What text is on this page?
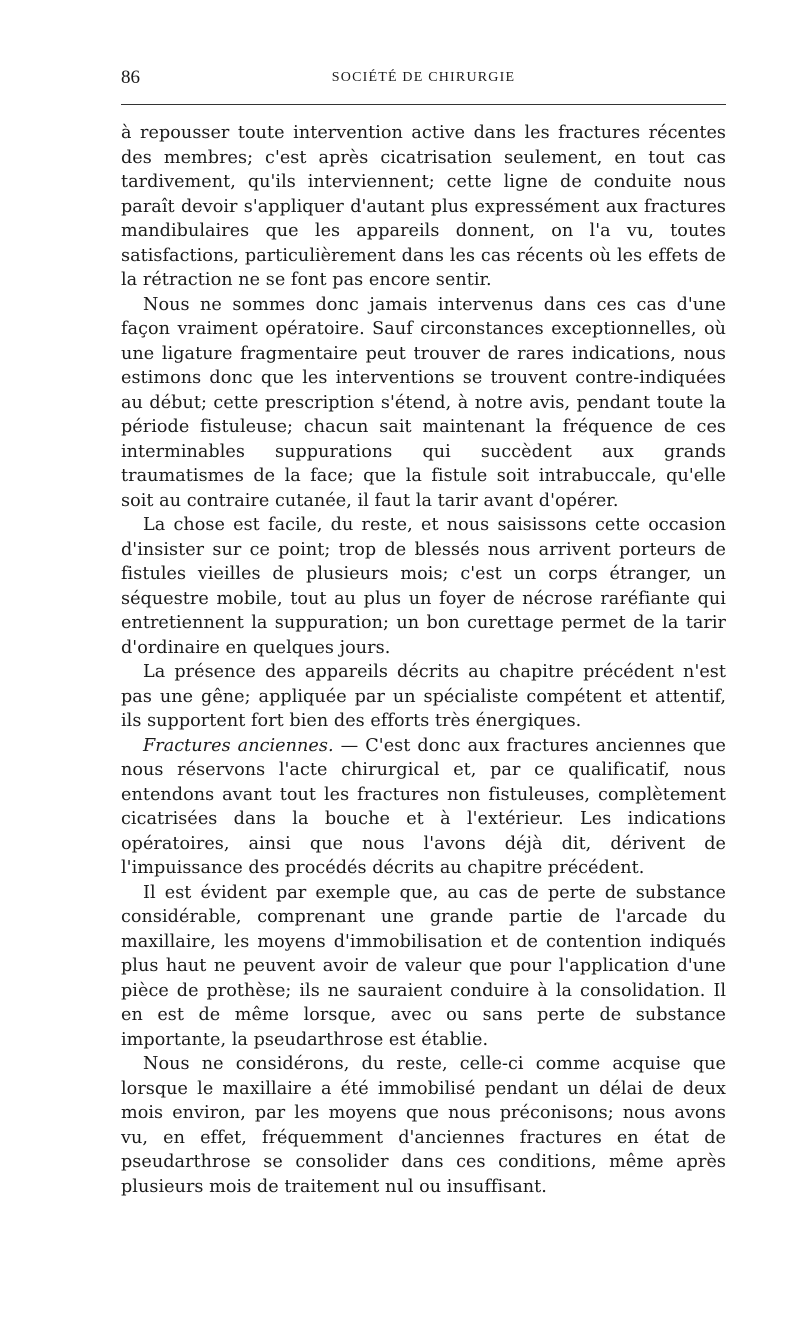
86	SOCIÉTÉ DE CHIRURGIE

à repousser toute intervention active dans les fractures récentes des membres; c'est après cicatrisation seulement, en tout cas tardivement, qu'ils interviennent; cette ligne de conduite nous paraît devoir s'appliquer d'autant plus expressément aux fractures mandibulaires que les appareils donnent, on l'a vu, toutes satisfactions, particulièrement dans les cas récents où les effets de la rétraction ne se font pas encore sentir.

Nous ne sommes donc jamais intervenus dans ces cas d'une façon vraiment opératoire. Sauf circonstances exceptionnelles, où une ligature fragmentaire peut trouver de rares indications, nous estimons donc que les interventions se trouvent contre-indiquées au début; cette prescription s'étend, à notre avis, pendant toute la période fistuleuse; chacun sait maintenant la fréquence de ces interminables suppurations qui succèdent aux grands traumatismes de la face; que la fistule soit intrabuccale, qu'elle soit au contraire cutanée, il faut la tarir avant d'opérer.

La chose est facile, du reste, et nous saisissons cette occasion d'insister sur ce point; trop de blessés nous arrivent porteurs de fistules vieilles de plusieurs mois; c'est un corps étranger, un séquestre mobile, tout au plus un foyer de nécrose raréfiante qui entretiennent la suppuration; un bon curettage permet de la tarir d'ordinaire en quelques jours.

La présence des appareils décrits au chapitre précédent n'est pas une gêne; appliquée par un spécialiste compétent et attentif, ils supportent fort bien des efforts très énergiques.

Fractures anciennes. — C'est donc aux fractures anciennes que nous réservons l'acte chirurgical et, par ce qualificatif, nous entendons avant tout les fractures non fistuleuses, complètement cicatrisées dans la bouche et à l'extérieur. Les indications opératoires, ainsi que nous l'avons déjà dit, dérivent de l'impuissance des procédés décrits au chapitre précédent.

Il est évident par exemple que, au cas de perte de substance considérable, comprenant une grande partie de l'arcade du maxillaire, les moyens d'immobilisation et de contention indiqués plus haut ne peuvent avoir de valeur que pour l'application d'une pièce de prothèse; ils ne sauraient conduire à la consolidation. Il en est de même lorsque, avec ou sans perte de substance importante, la pseudarthrose est établie.

Nous ne considérons, du reste, celle-ci comme acquise que lorsque le maxillaire a été immobilisé pendant un délai de deux mois environ, par les moyens que nous préconisons; nous avons vu, en effet, fréquemment d'anciennes fractures en état de pseudarthrose se consolider dans ces conditions, même après plusieurs mois de traitement nul ou insuffisant.
